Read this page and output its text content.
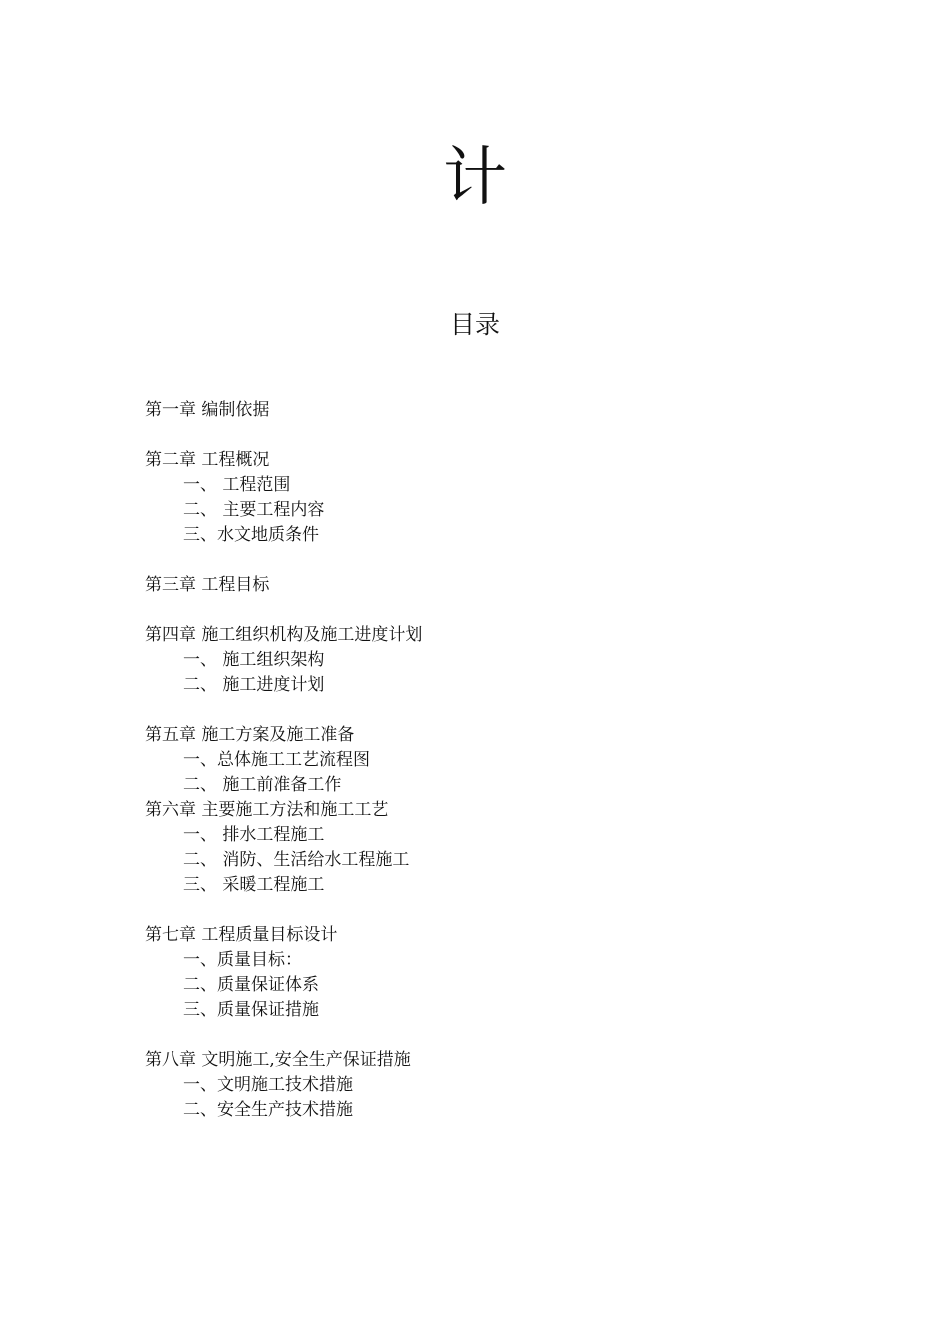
计
目录
第一章 编制依据
第二章 工程概况
一、 工程范围
二、 主要工程内容
三、水文地质条件
第三章 工程目标
第四章 施工组织机构及施工进度计划
一、 施工组织架构
二、 施工进度计划
第五章 施工方案及施工准备
一、总体施工工艺流程图
二、 施工前准备工作
第六章 主要施工方法和施工工艺
一、 排水工程施工
二、 消防、生活给水工程施工
三、 采暖工程施工
第七章 工程质量目标设计
一、质量目标：
二、质量保证体系
三、质量保证措施
第八章 文明施工,安全生产保证措施
一、文明施工技术措施
二、安全生产技术措施
